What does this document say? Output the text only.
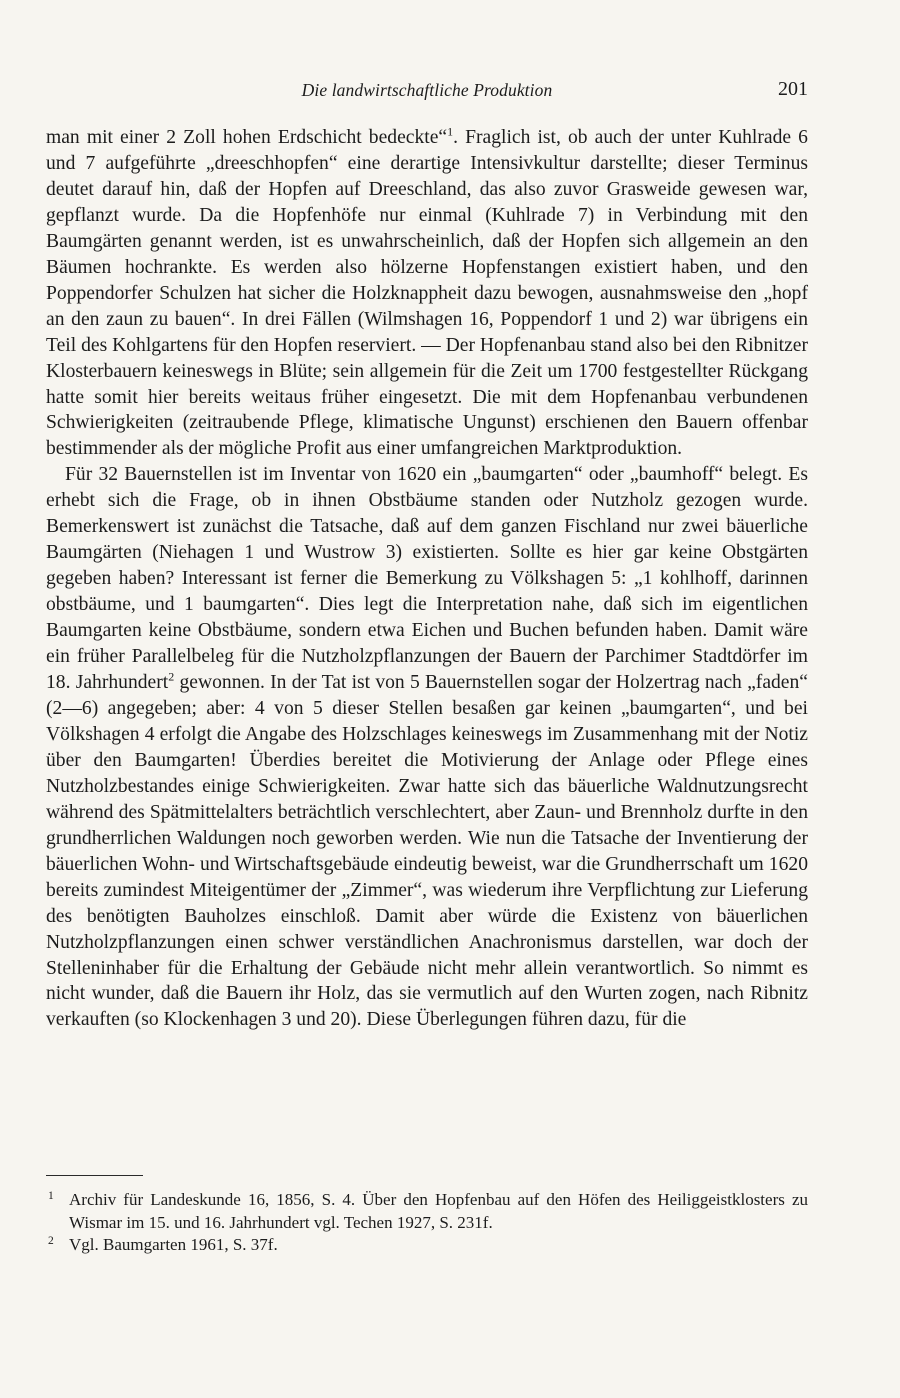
Die landwirtschaftliche Produktion	201

man mit einer 2 Zoll hohen Erdschicht bedeckte“$^1$. Fraglich ist, ob auch der unter Kuhlrade 6 und 7 aufgeführte „dreeschhopfen“ eine derartige Intensivkultur darstellte; dieser Terminus deutet darauf hin, daß der Hopfen auf Dreeschland, das also zuvor Grasweide gewesen war, gepflanzt wurde. Da die Hopfenhöfe nur einmal (Kuhlrade 7) in Verbindung mit den Baumgärten genannt werden, ist es unwahrscheinlich, daß der Hopfen sich allgemein an den Bäumen hochrankte. Es werden also hölzerne Hopfenstangen existiert haben, und den Poppendorfer Schulzen hat sicher die Holzknappheit dazu bewogen, ausnahmsweise den „hopf an den zaun zu bauen“. In drei Fällen (Wilmshagen 16, Poppendorf 1 und 2) war übrigens ein Teil des Kohlgartens für den Hopfen reserviert. — Der Hopfenanbau stand also bei den Ribnitzer Klosterbauern keineswegs in Blüte; sein allgemein für die Zeit um 1700 festgestellter Rückgang hatte somit hier bereits weitaus früher eingesetzt. Die mit dem Hopfenanbau verbundenen Schwierigkeiten (zeitraubende Pflege, klimatische Ungunst) erschienen den Bauern offenbar bestimmender als der mögliche Profit aus einer umfangreichen Marktproduktion.

Für 32 Bauernstellen ist im Inventar von 1620 ein „baumgarten“ oder „baumhoff“ belegt. Es erhebt sich die Frage, ob in ihnen Obstbäume standen oder Nutzholz gezogen wurde. Bemerkenswert ist zunächst die Tatsache, daß auf dem ganzen Fischland nur zwei bäuerliche Baumgärten (Niehagen 1 und Wustrow 3) existierten. Sollte es hier gar keine Obstgärten gegeben haben? Interessant ist ferner die Bemerkung zu Völkshagen 5: „1 kohlhoff, darinnen obstbäume, und 1 baumgarten“. Dies legt die Interpretation nahe, daß sich im eigentlichen Baumgarten keine Obstbäume, sondern etwa Eichen und Buchen befunden haben. Damit wäre ein früher Parallelbeleg für die Nutzholzpflanzungen der Bauern der Parchimer Stadtdörfer im 18. Jahrhundert$^2$ gewonnen. In der Tat ist von 5 Bauernstellen sogar der Holzertrag nach „faden“ (2—6) angegeben; aber: 4 von 5 dieser Stellen besaßen gar keinen „baumgarten“, und bei Völkshagen 4 erfolgt die Angabe des Holzschlages keineswegs im Zusammenhang mit der Notiz über den Baumgarten! Überdies bereitet die Motivierung der Anlage oder Pflege eines Nutzholzbestandes einige Schwierigkeiten. Zwar hatte sich das bäuerliche Waldnutzungsrecht während des Spätmittelalters beträchtlich verschlechtert, aber Zaun- und Brennholz durfte in den grundherrlichen Waldungen noch geworben werden. Wie nun die Tatsache der Inventierung der bäuerlichen Wohn- und Wirtschaftsgebäude eindeutig beweist, war die Grundherrschaft um 1620 bereits zumindest Miteigentümer der „Zimmer“, was wiederum ihre Verpflichtung zur Lieferung des benötigten Bauholzes einschloß. Damit aber würde die Existenz von bäuerlichen Nutzholzpflanzungen einen schwer verständlichen Anachronismus darstellen, war doch der Stelleninhaber für die Erhaltung der Gebäude nicht mehr allein verantwortlich. So nimmt es nicht wunder, daß die Bauern ihr Holz, das sie vermutlich auf den Wurten zogen, nach Ribnitz verkauften (so Klockenhagen 3 und 20). Diese Überlegungen führen dazu, für die

1 Archiv für Landeskunde 16, 1856, S. 4. Über den Hopfenbau auf den Höfen des Heiliggeistklosters zu Wismar im 15. und 16. Jahrhundert vgl. Techen 1927, S. 231f.
2 Vgl. Baumgarten 1961, S. 37f.
